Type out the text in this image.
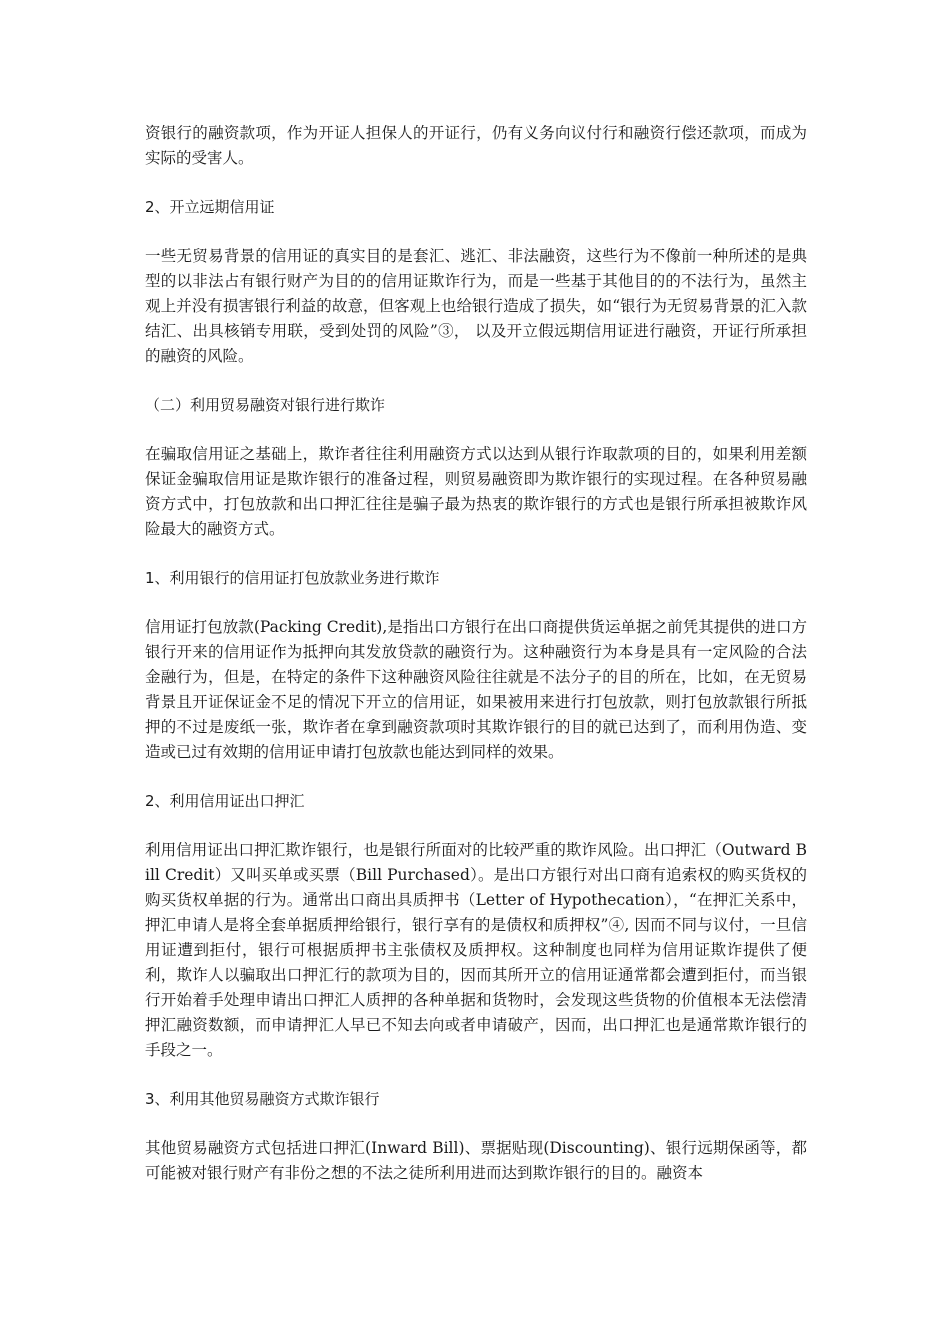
资银行的融资款项，作为开证人担保人的开证行，仍有义务向议付行和融资行偿还款项，而成为实际的受害人。

2、开立远期信用证

一些无贸易背景的信用证的真实目的是套汇、逃汇、非法融资，这些行为不像前一种所述的是典型的以非法占有银行财产为目的的信用证欺诈行为，而是一些基于其他目的的不法行为，虽然主观上并没有损害银行利益的故意，但客观上也给银行造成了损失，如“银行为无贸易背景的汇入款结汇、出具核销专用联，受到处罚的风险”③， 以及开立假远期信用证进行融资，开证行所承担的融资的风险。

（二）利用贸易融资对银行进行欺诈

在骗取信用证之基础上，欺诈者往往利用融资方式以达到从银行诈取款项的目的，如果利用差额保证金骗取信用证是欺诈银行的准备过程，则贸易融资即为欺诈银行的实现过程。在各种贸易融资方式中，打包放款和出口押汇往往是骗子最为热衷的欺诈银行的方式也是银行所承担被欺诈风险最大的融资方式。

1、利用银行的信用证打包放款业务进行欺诈

信用证打包放款(Packing Credit),是指出口方银行在出口商提供货运单据之前凭其提供的进口方银行开来的信用证作为抵押向其发放贷款的融资行为。这种融资行为本身是具有一定风险的合法金融行为，但是，在特定的条件下这种融资风险往往就是不法分子的目的所在，比如，在无贸易背景且开证保证金不足的情况下开立的信用证，如果被用来进行打包放款，则打包放款银行所抵押的不过是废纸一张，欺诈者在拿到融资款项时其欺诈银行的目的就已达到了，而利用伪造、变造或已过有效期的信用证申请打包放款也能达到同样的效果。

2、利用信用证出口押汇

利用信用证出口押汇欺诈银行，也是银行所面对的比较严重的欺诈风险。出口押汇（Outward Bill Credit）又叫买单或买票（Bill Purchased）。是出口方银行对出口商有追索权的购买货权的购买货权单据的行为。通常出口商出具质押书（Letter of Hypothecation），“在押汇关系中，押汇申请人是将全套单据质押给银行，银行享有的是债权和质押权”④, 因而不同与议付，一旦信用证遭到拒付，银行可根据质押书主张债权及质押权。这种制度也同样为信用证欺诈提供了便利，欺诈人以骗取出口押汇行的款项为目的，因而其所开立的信用证通常都会遭到拒付，而当银行开始着手处理申请出口押汇人质押的各种单据和货物时，会发现这些货物的价值根本无法偿清押汇融资数额，而申请押汇人早已不知去向或者申请破产，因而，出口押汇也是通常欺诈银行的手段之一。

3、利用其他贸易融资方式欺诈银行

其他贸易融资方式包括进口押汇(Inward Bill)、票据贴现(Discounting)、银行远期保函等，都可能被对银行财产有非份之想的不法之徒所利用进而达到欺诈银行的目的。融资本
